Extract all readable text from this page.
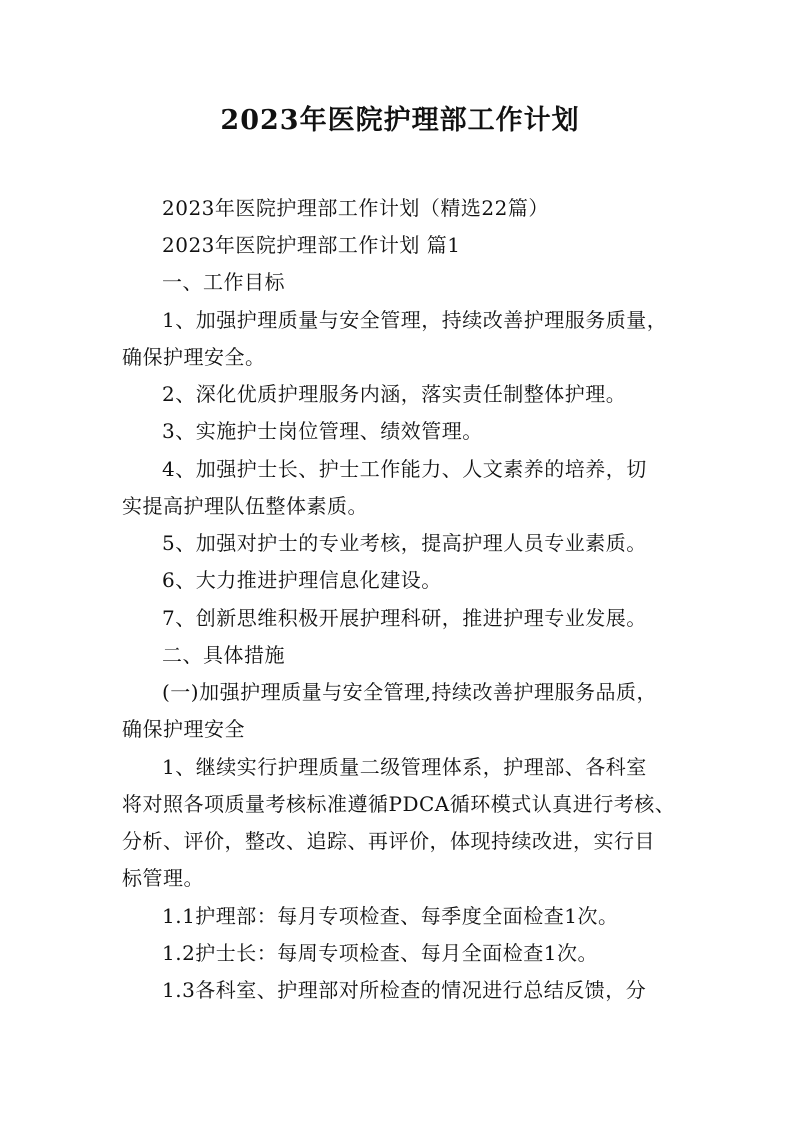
2023年医院护理部工作计划
2023年医院护理部工作计划（精选22篇）
2023年医院护理部工作计划 篇1
一、工作目标
1、加强护理质量与安全管理，持续改善护理服务质量，
确保护理安全。
2、深化优质护理服务内涵，落实责任制整体护理。
3、实施护士岗位管理、绩效管理。
4、加强护士长、护士工作能力、人文素养的培养，切
实提高护理队伍整体素质。
5、加强对护士的专业考核，提高护理人员专业素质。
6、大力推进护理信息化建设。
7、创新思维积极开展护理科研，推进护理专业发展。
二、具体措施
(一)加强护理质量与安全管理,持续改善护理服务品质，
确保护理安全
1、继续实行护理质量二级管理体系，护理部、各科室
将对照各项质量考核标准遵循PDCA循环模式认真进行考核、
分析、评价，整改、追踪、再评价，体现持续改进，实行目
标管理。
1.1护理部：每月专项检查、每季度全面检查1次。
1.2护士长：每周专项检查、每月全面检查1次。
1.3各科室、护理部对所检查的情况进行总结反馈，分
